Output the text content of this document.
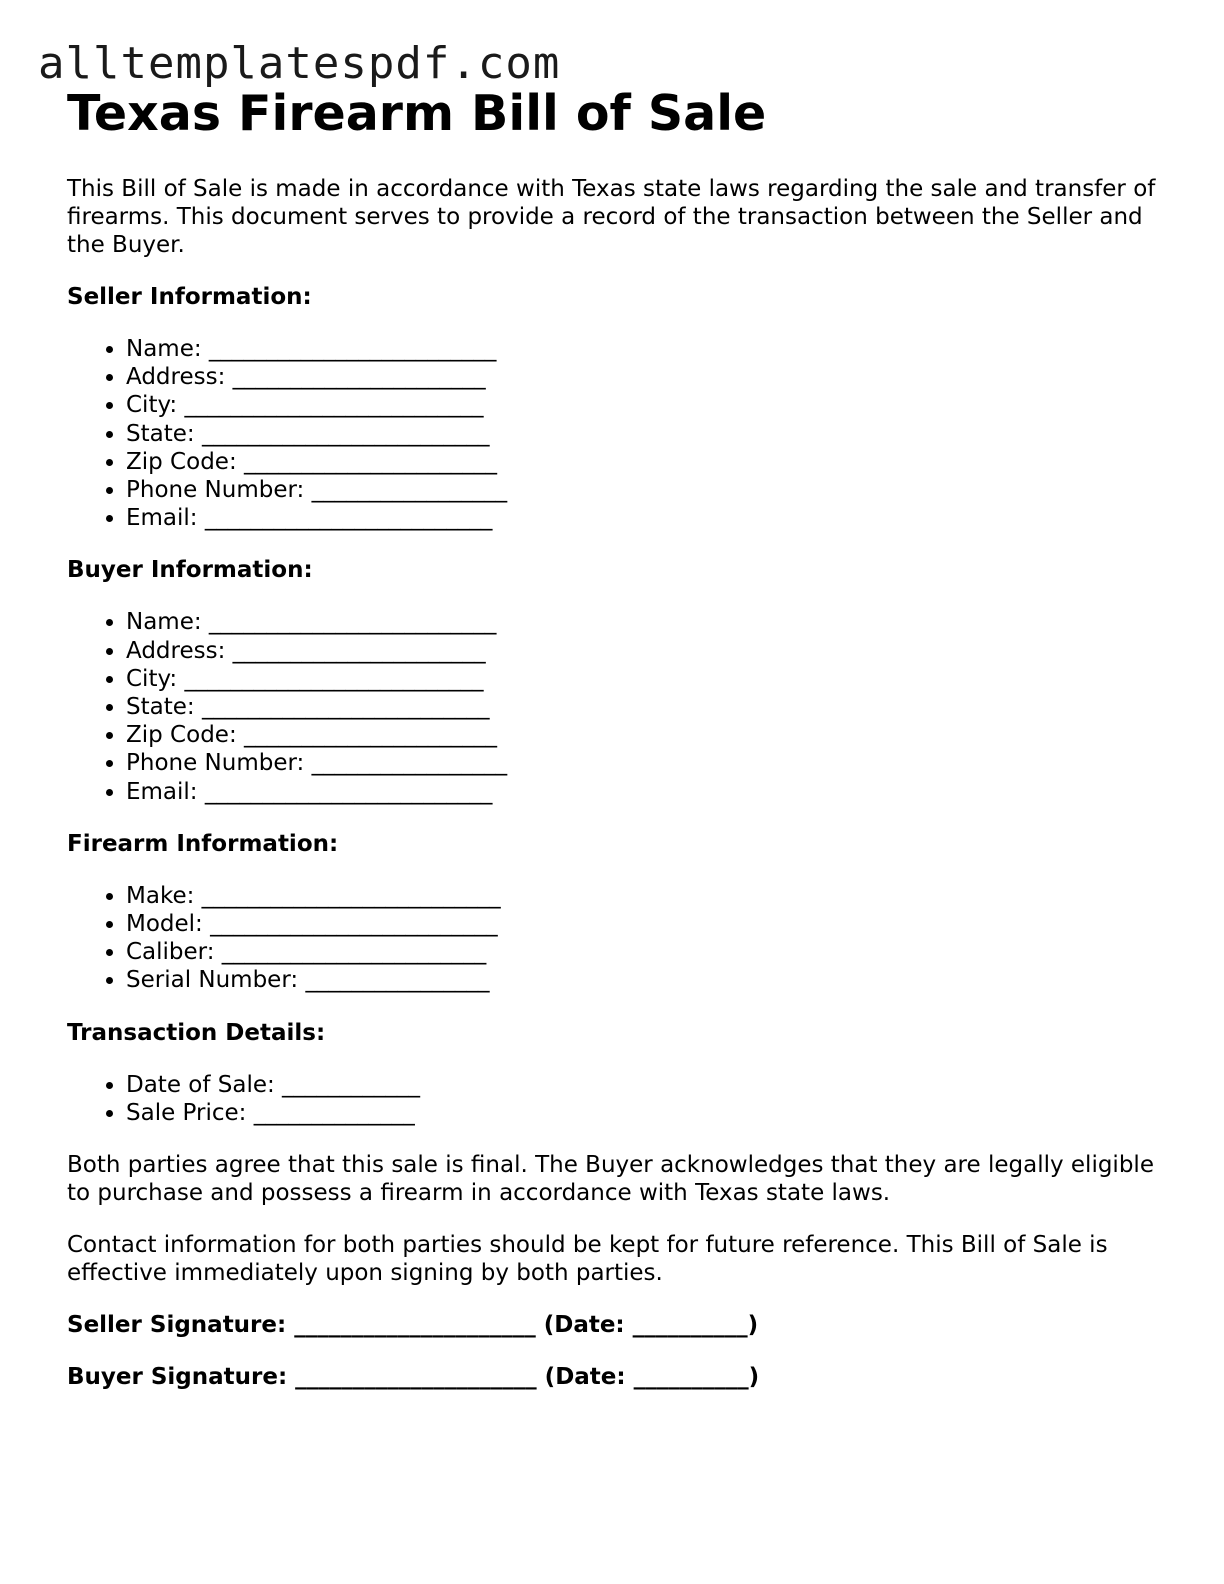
alltemplatespdf.com
Texas Firearm Bill of Sale

This Bill of Sale is made in accordance with Texas state laws regarding the sale and transfer of firearms. This document serves to provide a record of the transaction between the Seller and the Buyer.

Seller Information:
• Name: _________________________
• Address: ______________________
• City: __________________________
• State: _________________________
• Zip Code: ______________________
• Phone Number: _________________
• Email: _________________________
Buyer Information:
• Name: _________________________
• Address: ______________________
• City: __________________________
• State: _________________________
• Zip Code: ______________________
• Phone Number: _________________
• Email: _________________________
Firearm Information:
• Make: __________________________
• Model: _________________________
• Caliber: _______________________
• Serial Number: ________________
Transaction Details:
• Date of Sale: ____________
• Sale Price: ______________

Both parties agree that this sale is final. The Buyer acknowledges that they are legally eligible to purchase and possess a firearm in accordance with Texas state laws.

Contact information for both parties should be kept for future reference. This Bill of Sale is effective immediately upon signing by both parties.

Seller Signature: _____________________ (Date: __________)
Buyer Signature: _____________________ (Date: __________)
